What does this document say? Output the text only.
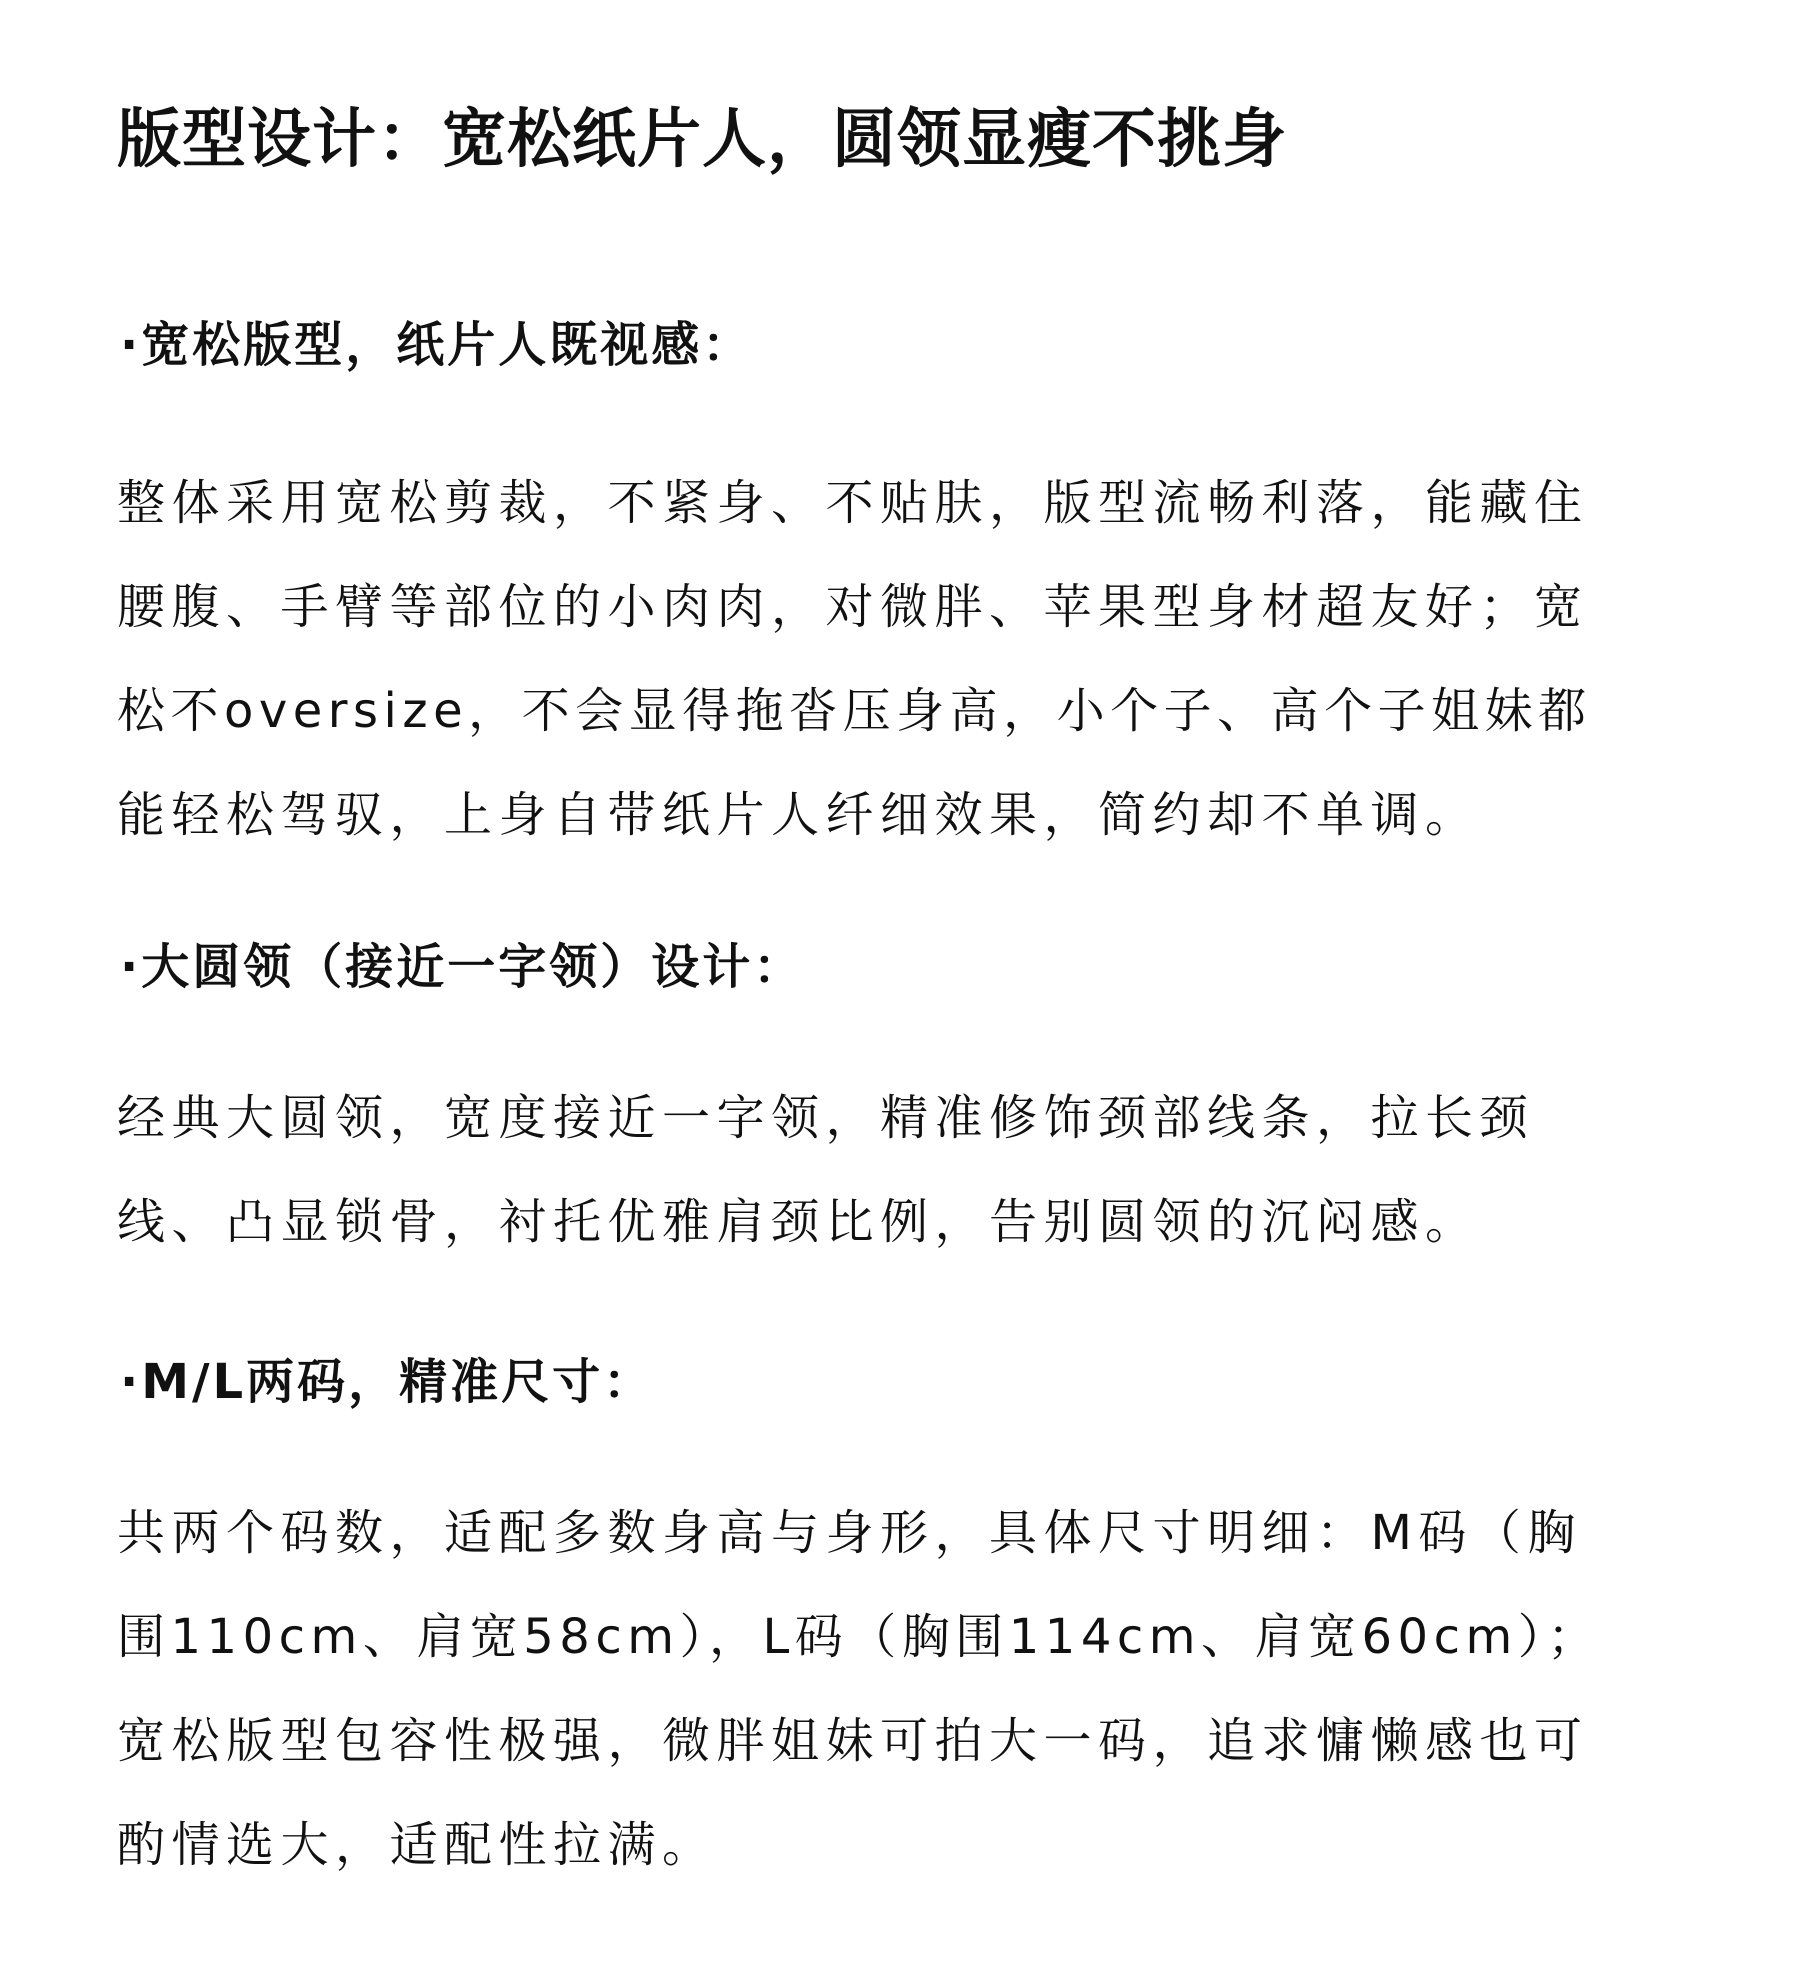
版型设计：宽松纸片人，圆领显瘦不挑身
·宽松版型，纸片人既视感：
整体采用宽松剪裁，不紧身、不贴肤，版型流畅利落，能藏住
腰腹、手臂等部位的小肉肉，对微胖、苹果型身材超友好；宽
松不oversize，不会显得拖沓压身高，小个子、高个子姐妹都
能轻松驾驭，上身自带纸片人纤细效果，简约却不单调。
·大圆领（接近一字领）设计：
经典大圆领，宽度接近一字领，精准修饰颈部线条，拉长颈
线、凸显锁骨，衬托优雅肩颈比例，告别圆领的沉闷感。
·M/L两码，精准尺寸：
共两个码数，适配多数身高与身形，具体尺寸明细：M码（胸
围110cm、肩宽58cm），L码（胸围114cm、肩宽60cm）；
宽松版型包容性极强，微胖姐妹可拍大一码，追求慵懒感也可
酌情选大，适配性拉满。
